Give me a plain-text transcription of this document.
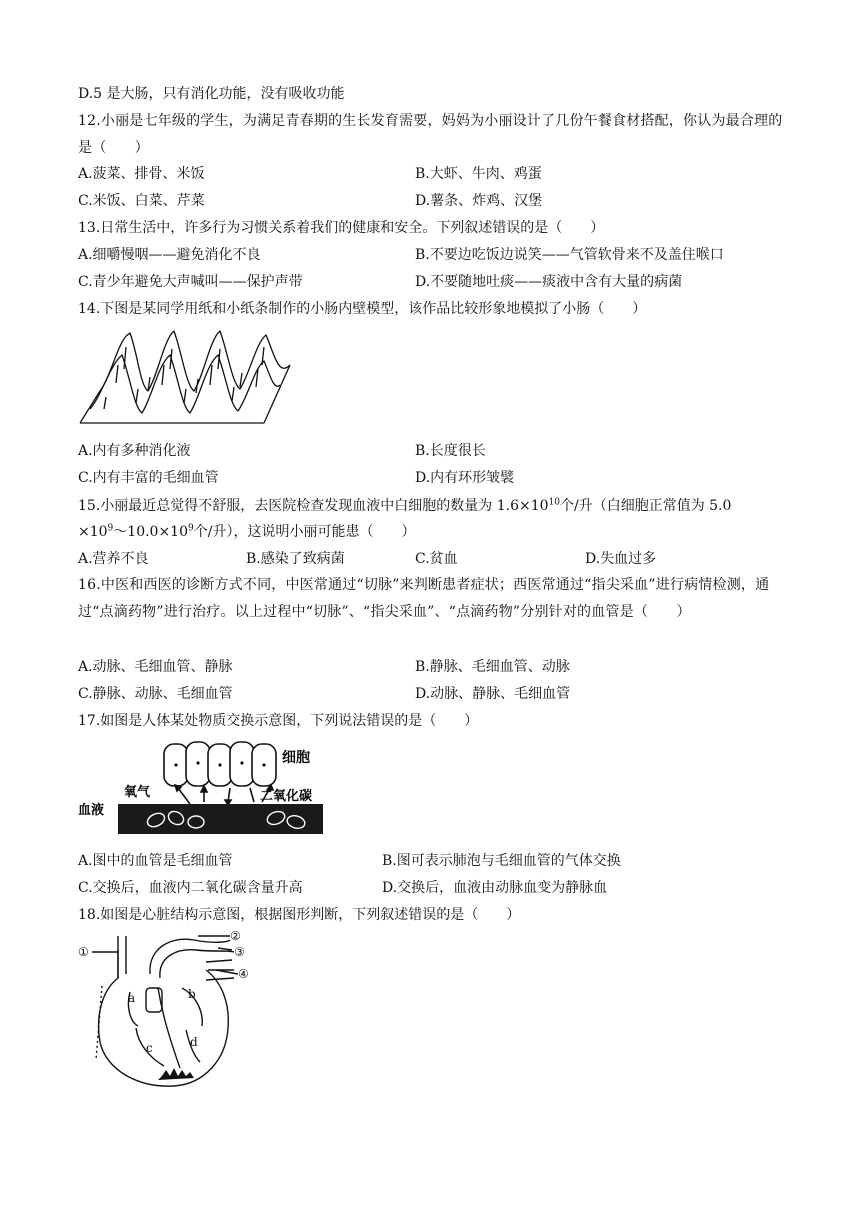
D.5 是大肠，只有消化功能，没有吸收功能
12.小丽是七年级的学生，为满足青春期的生长发育需要，妈妈为小丽设计了几份午餐食材搭配，你认为最合理的是（　　）
A.菠菜、排骨、米饭	B.大虾、牛肉、鸡蛋
C.米饭、白菜、芹菜	D.薯条、炸鸡、汉堡
13.日常生活中，许多行为习惯关系着我们的健康和安全。下列叙述错误的是（　　）
A.细嚼慢咽——避免消化不良	B.不要边吃饭边说笑——气管软骨来不及盖住喉口
C.青少年避免大声喊叫——保护声带	D.不要随地吐痰——痰液中含有大量的病菌
14.下图是某同学用纸和小纸条制作的小肠内壁模型，该作品比较形象地模拟了小肠（　　）
A.内有多种消化液	B.长度很长
C.内有丰富的毛细血管	D.内有环形皱襞
15.小丽最近总觉得不舒服，去医院检查发现血液中白细胞的数量为 $1.6\times 10^{10}$个/升（白细胞正常值为 5.0
$\times 10^9\sim 10.0\times 10^9$个/升），这说明小丽可能患（　　）
A.营养不良	B.感染了致病菌	C.贫血	D.失血过多
16.中医和西医的诊断方式不同，中医常通过“切脉”来判断患者症状；西医常通过“指尖采血”进行病情检测，通过“点滴药物”进行治疗。以上过程中“切脉”、“指尖采血”、“点滴药物”分别针对的血管是（　　）
A.动脉、毛细血管、静脉	B.静脉、毛细血管、动脉
C.静脉、动脉、毛细血管	D.动脉、静脉、毛细血管
17.如图是人体某处物质交换示意图，下列说法错误的是（　　）
细胞
氧气	二氧化碳
血液
A.图中的血管是毛细血管	B.图可表示肺泡与毛细血管的气体交换
C.交换后，血液内二氧化碳含量升高	D.交换后，血液由动脉血变为静脉血
18.如图是心脏结构示意图，根据图形判断，下列叙述错误的是（　　）
①
②
③
④
a	b
c	d
